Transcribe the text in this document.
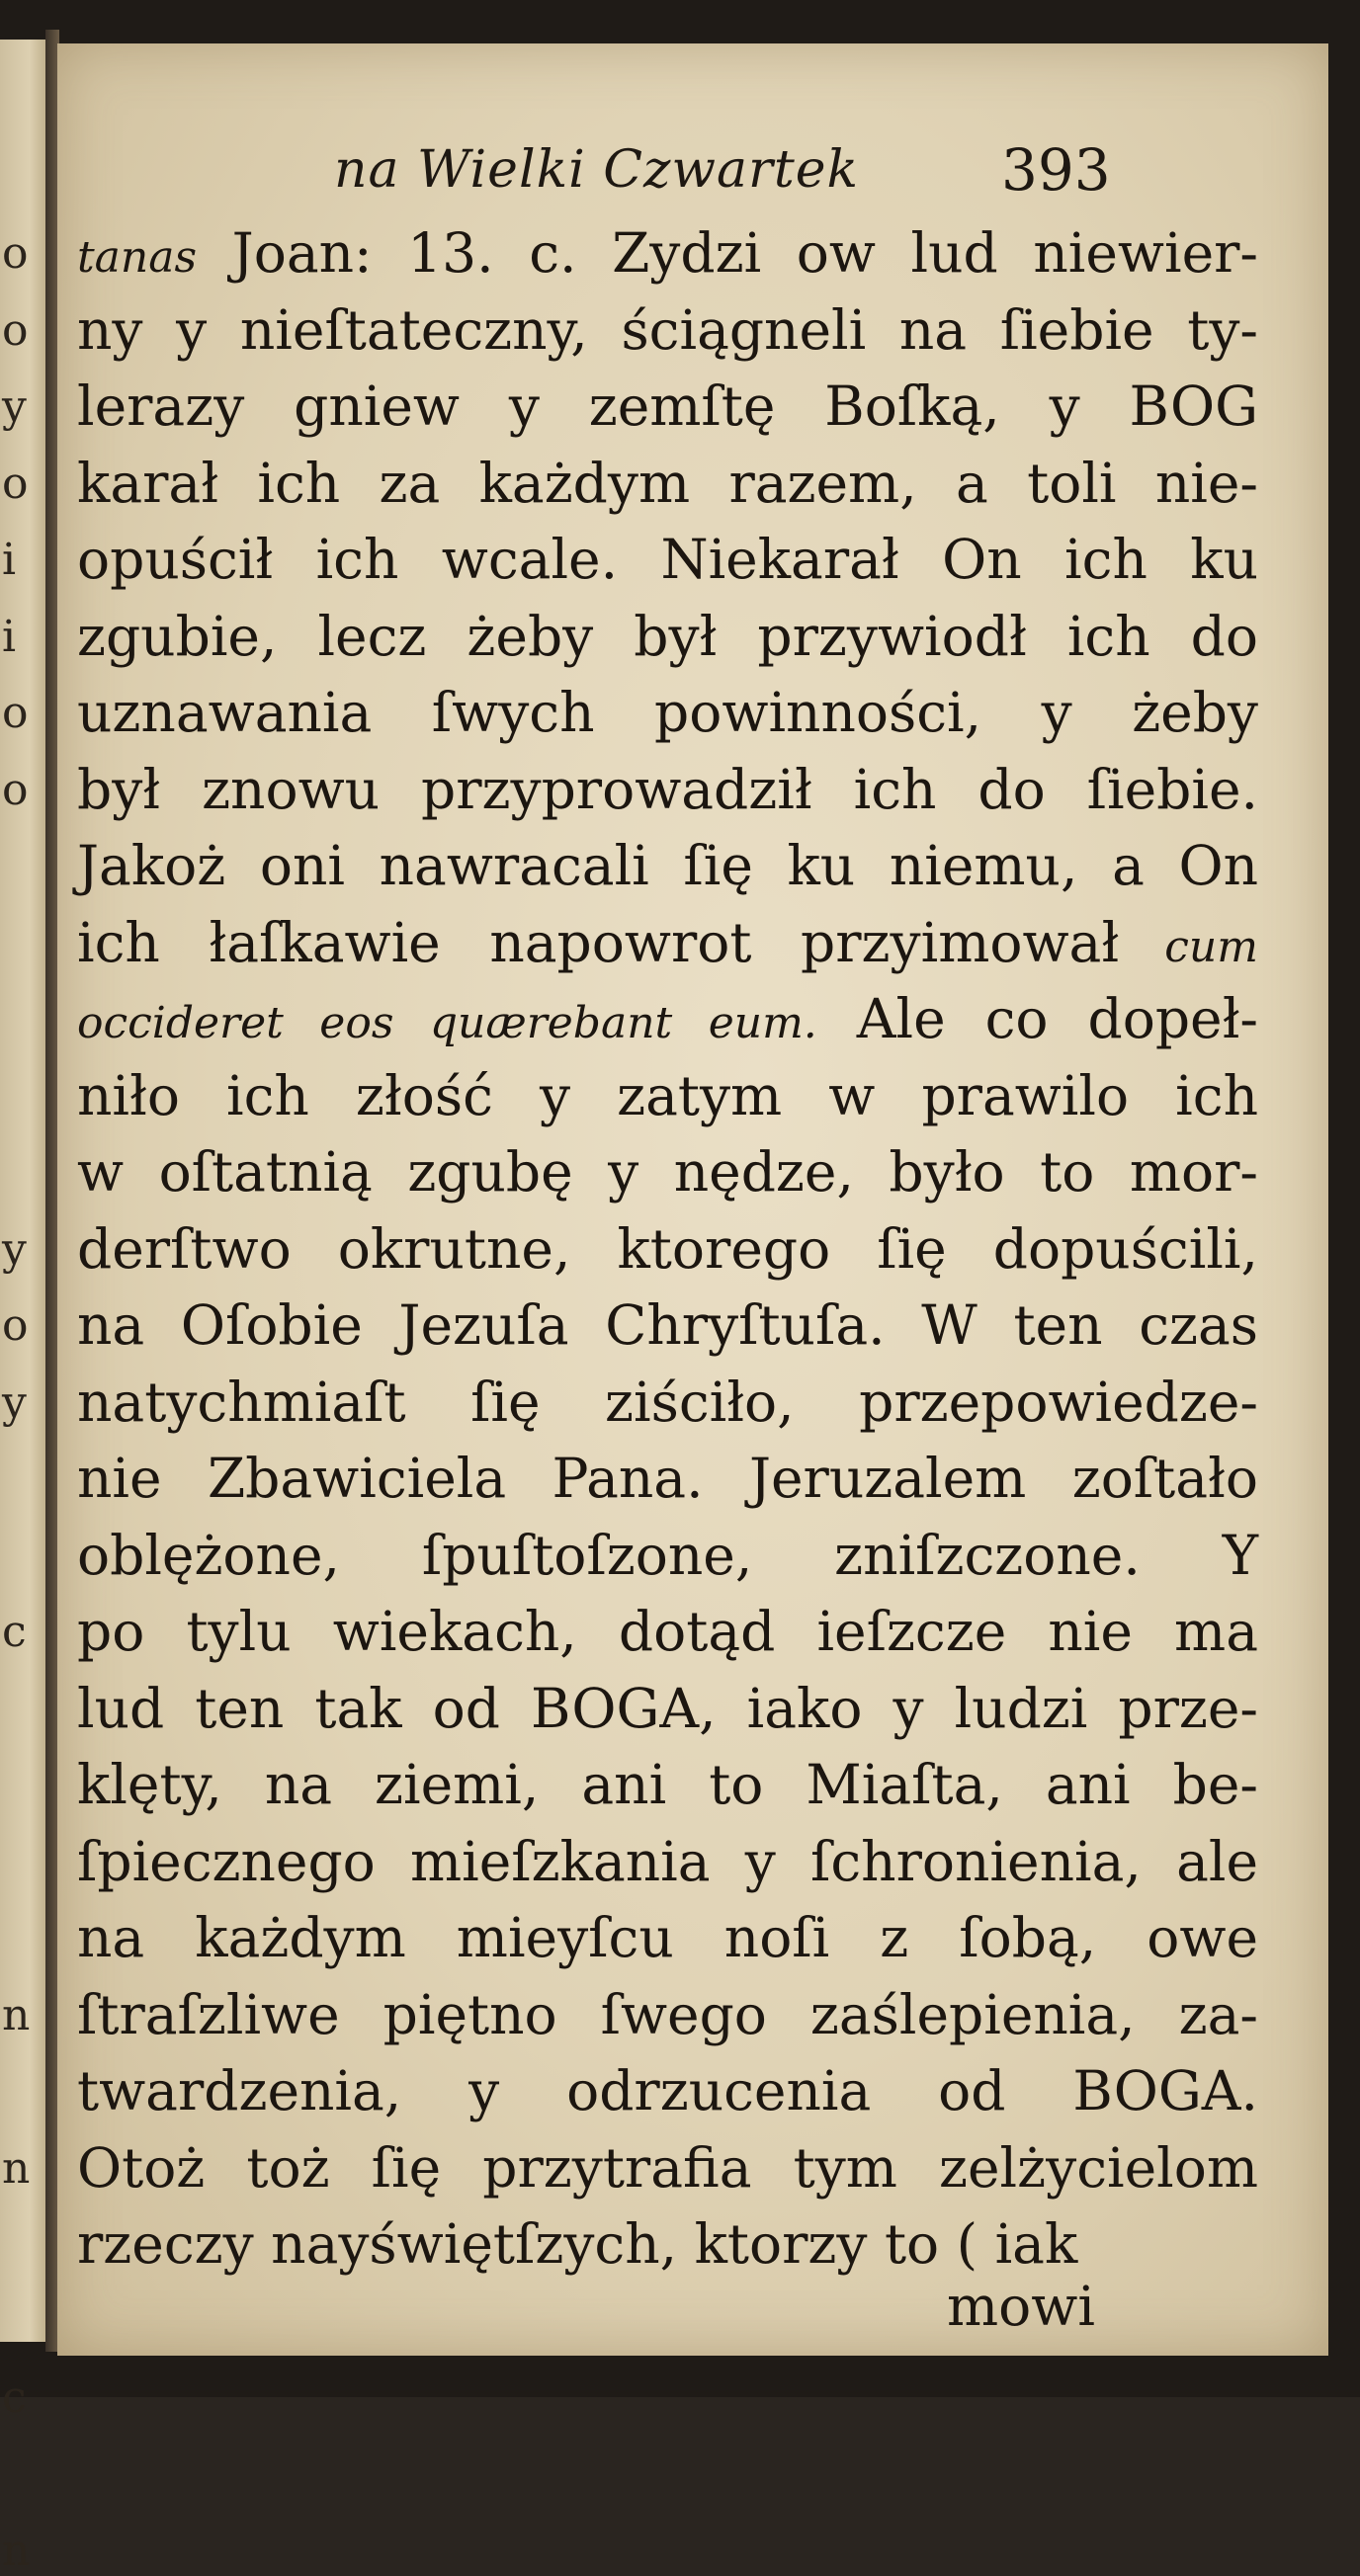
o
o
y
o
i
i
o
o
y
o
y
c
n
n
c
n
na Wielki Czwartek 393
tanas Joan: 13. c. Zydzi ow lud niewier-
ny y nieſtateczny, ściągneli na ſiebie ty-
lerazy gniew y zemſtę Boſką, y BOG
karał ich za każdym razem, a toli nie-
opuścił ich wcale. Niekarał On ich ku
zgubie, lecz żeby był przywiodł ich do
uznawania ſwych powinności, y żeby
był znowu przyprowadził ich do ſiebie.
Jakoż oni nawracali ſię ku niemu, a On
ich łaſkawie napowrot przyimował cum
occideret eos quærebant eum. Ale co dopeł-
niło ich złość y zatym w prawilo ich
w oſtatnią zgubę y nędze, było to mor-
derſtwo okrutne, ktorego ſię dopuścili,
na Oſobie Jezuſa Chryſtuſa. W ten czas
natychmiaſt ſię ziściło, przepowiedze-
nie Zbawiciela Pana. Jeruzalem zoſtało
oblężone, ſpuſtoſzone, zniſzczone. Y
po tylu wiekach, dotąd ieſzcze nie ma
lud ten tak od BOGA, iako y ludzi prze-
klęty, na ziemi, ani to Miaſta, ani be-
ſpiecznego mieſzkania y ſchronienia, ale
na każdym mieyſcu noſi z ſobą, owe
ſtraſzliwe piętno ſwego zaślepienia, za-
twardzenia, y odrzucenia od BOGA.
Otoż toż ſię przytrafia tym zelżycielom
rzeczy nayświętſzych, ktorzy to ( iak
mowi
